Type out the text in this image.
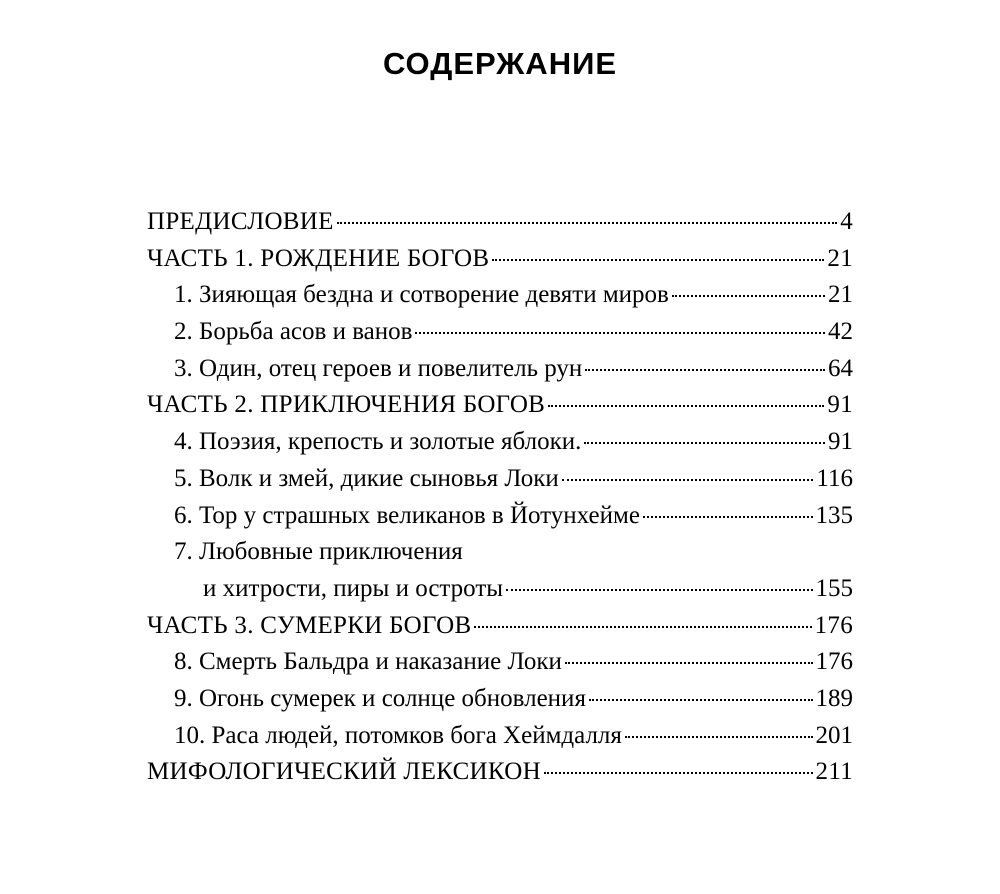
СОДЕРЖАНИЕ
ПРЕДИСЛОВИЕ	4
ЧАСТЬ 1. РОЖДЕНИЕ БОГОВ	21
1. Зияющая бездна и сотворение девяти миров	21
2. Борьба асов и ванов	42
3. Один, отец героев и повелитель рун	64
ЧАСТЬ 2. ПРИКЛЮЧЕНИЯ БОГОВ	91
4. Поэзия, крепость и золотые яблоки.	91
5. Волк и змей, дикие сыновья Локи	116
6. Тор у страшных великанов в Йотунхейме	135
7. Любовные приключения
и хитрости, пиры и остроты	155
ЧАСТЬ 3. СУМЕРКИ БОГОВ	176
8. Смерть Бальдра и наказание Локи	176
9. Огонь сумерек и солнце обновления	189
10. Раса людей, потомков бога Хеймдалля	201
МИФОЛОГИЧЕСКИЙ ЛЕКСИКОН	211
